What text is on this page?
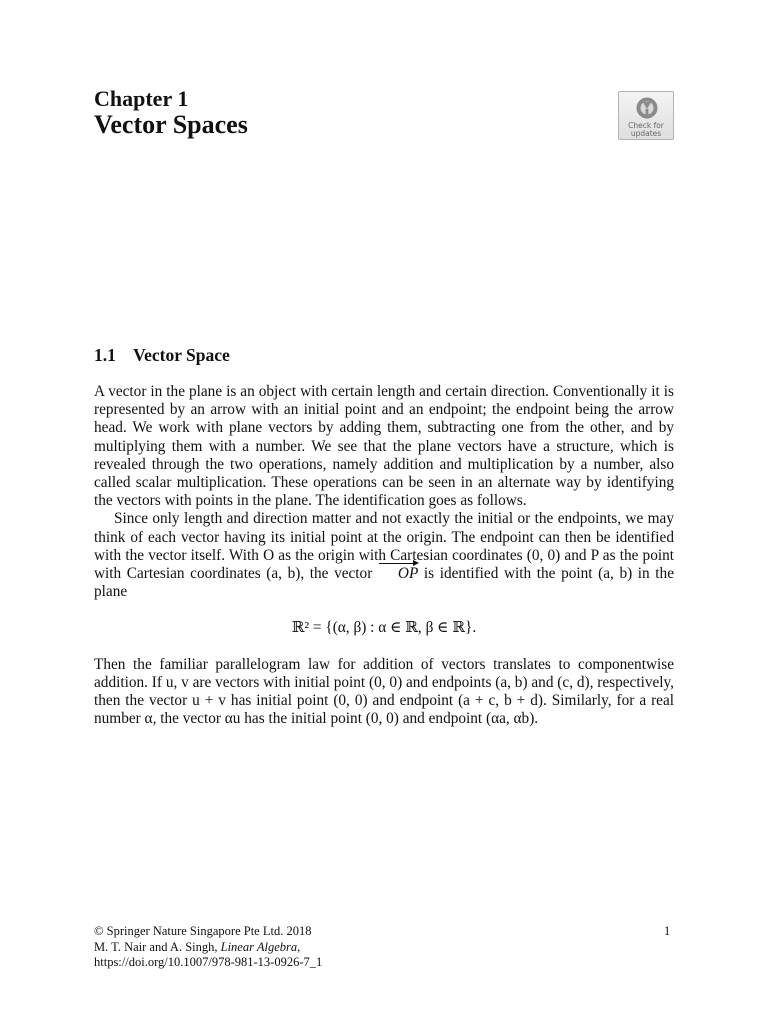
Chapter 1
Vector Spaces	Check for
updates
1.1 Vector Space

A vector in the plane is an object with certain length and certain direction. Conventionally it is represented by an arrow with an initial point and an endpoint; the endpoint being the arrow head. We work with plane vectors by adding them, subtracting one from the other, and by multiplying them with a number. We see that the plane vectors have a structure, which is revealed through the two operations, namely addition and multiplication by a number, also called scalar multiplication. These operations can be seen in an alternate way by identifying the vectors with points in the plane. The identification goes as follows.

Since only length and direction matter and not exactly the initial or the endpoints, we may think of each vector having its initial point at the origin. The endpoint can then be identified with the vector itself. With O as the origin with Cartesian coordinates (0, 0) and P as the point with Cartesian coordinates (a, b), the vector OP is identified with the point (a, b) in the plane

ℝ² = {(α, β) : α ∈ ℝ, β ∈ ℝ}.

Then the familiar parallelogram law for addition of vectors translates to componentwise addition. If u, v are vectors with initial point (0, 0) and endpoints (a, b) and (c, d), respectively, then the vector u + v has initial point (0, 0) and endpoint (a + c, b + d). Similarly, for a real number α, the vector αu has the initial point (0, 0) and endpoint (αa, αb).

© Springer Nature Singapore Pte Ltd. 2018
M. T. Nair and A. Singh, Linear Algebra,
https://doi.org/10.1007/978-981-13-0926-7_1
1
